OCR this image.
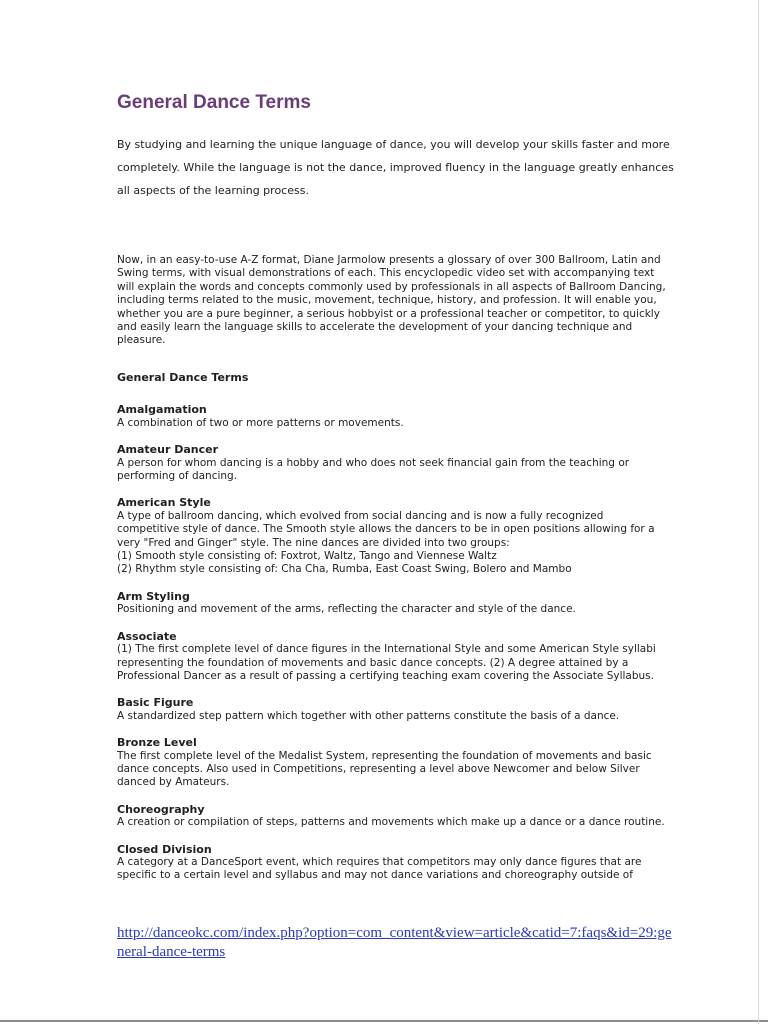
General Dance Terms

By studying and learning the unique language of dance, you will develop your skills faster and more completely. While the language is not the dance, improved fluency in the language greatly enhances all aspects of the learning process.

Now, in an easy-to-use A-Z format, Diane Jarmolow presents a glossary of over 300 Ballroom, Latin and Swing terms, with visual demonstrations of each. This encyclopedic video set with accompanying text will explain the words and concepts commonly used by professionals in all aspects of Ballroom Dancing, including terms related to the music, movement, technique, history, and profession. It will enable you, whether you are a pure beginner, a serious hobbyist or a professional teacher or competitor, to quickly and easily learn the language skills to accelerate the development of your dancing technique and pleasure.

General Dance Terms

Amalgamation

A combination of two or more patterns or movements.

Amateur Dancer

A person for whom dancing is a hobby and who does not seek financial gain from the teaching or performing of dancing.

American Style

A type of ballroom dancing, which evolved from social dancing and is now a fully recognized competitive style of dance. The Smooth style allows the dancers to be in open positions allowing for a very "Fred and Ginger" style. The nine dances are divided into two groups:
(1) Smooth style consisting of: Foxtrot, Waltz, Tango and Viennese Waltz
(2) Rhythm style consisting of: Cha Cha, Rumba, East Coast Swing, Bolero and Mambo

Arm Styling

Positioning and movement of the arms, reflecting the character and style of the dance.

Associate

(1) The first complete level of dance figures in the International Style and some American Style syllabi representing the foundation of movements and basic dance concepts. (2) A degree attained by a Professional Dancer as a result of passing a certifying teaching exam covering the Associate Syllabus.

Basic Figure

A standardized step pattern which together with other patterns constitute the basis of a dance.

Bronze Level

The first complete level of the Medalist System, representing the foundation of movements and basic dance concepts. Also used in Competitions, representing a level above Newcomer and below Silver danced by Amateurs.

Choreography

A creation or compilation of steps, patterns and movements which make up a dance or a dance routine.

Closed Division

A category at a DanceSport event, which requires that competitors may only dance figures that are specific to a certain level and syllabus and may not dance variations and choreography outside of

http://danceokc.com/index.php?option=com_content&view=article&catid=7:faqs&id=29:general-dance-terms
